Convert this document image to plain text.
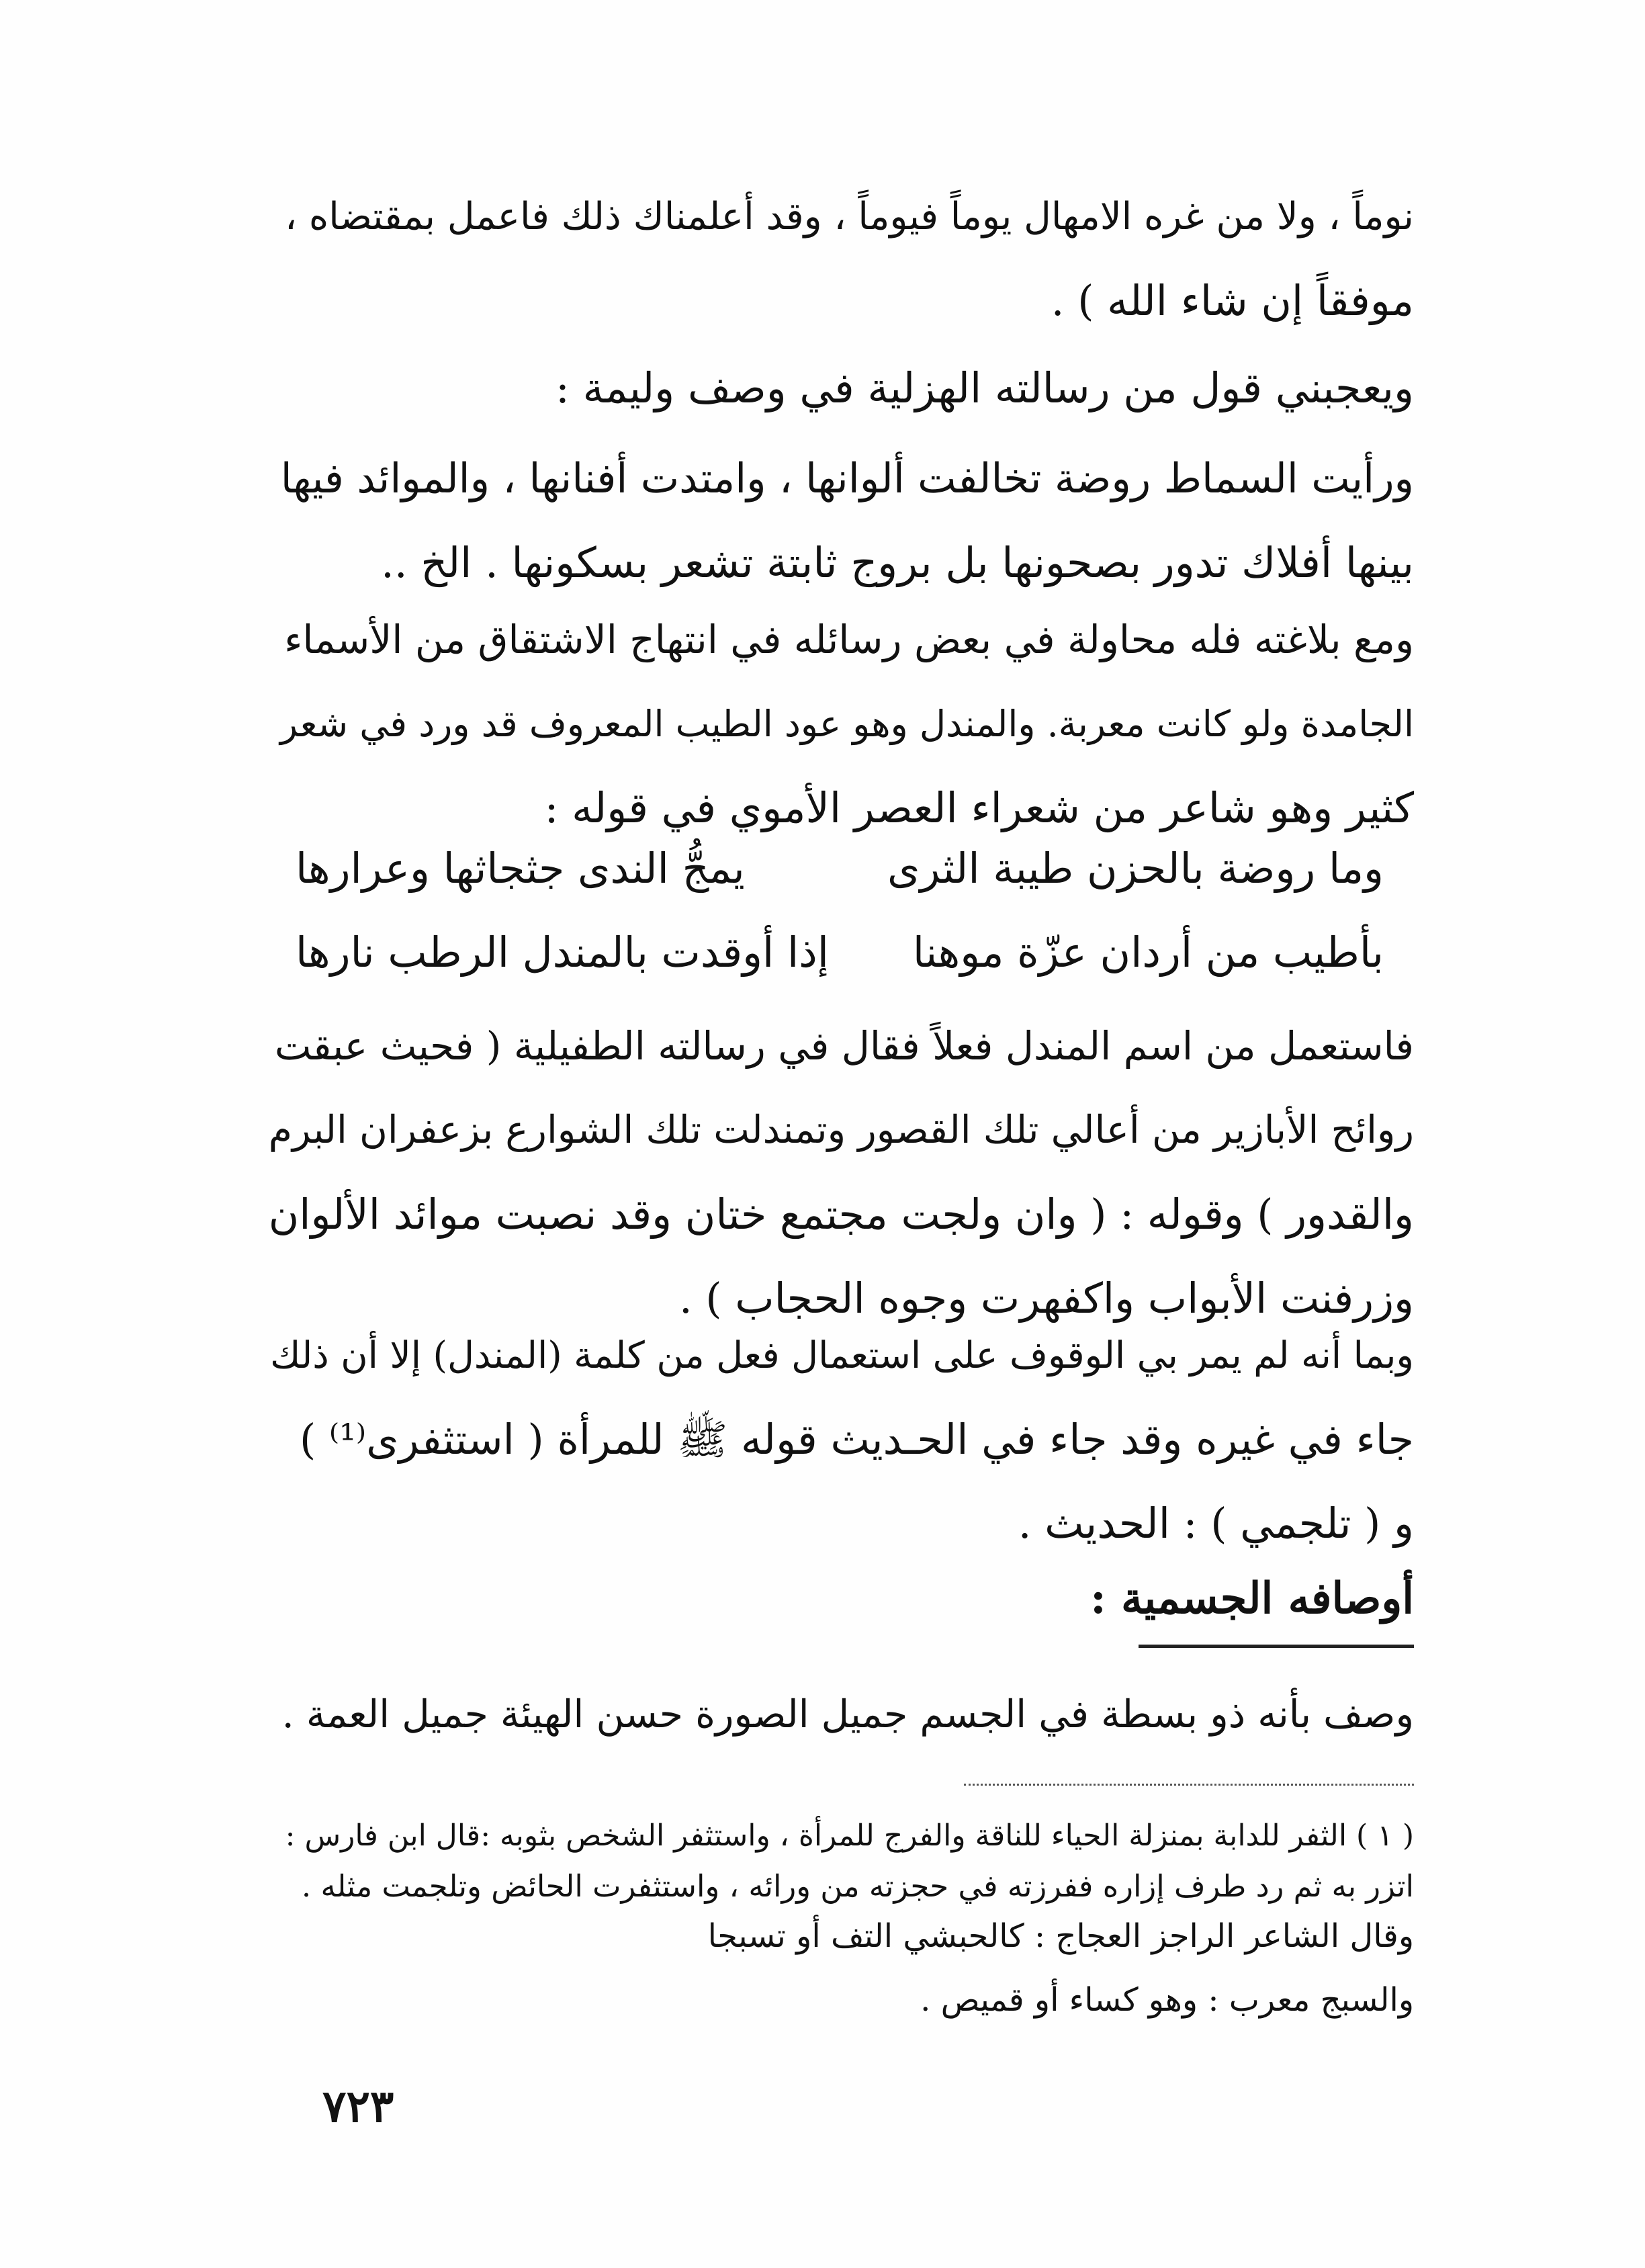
نوماً ، ولا من غره الامهال يوماً فيوماً ، وقد أعلمناك ذلك فاعمل بمقتضاه ،
موفقاً إن شاء الله ) .
ويعجبني قول من رسالته الهزلية في وصف وليمة :
ورأيت السماط روضة تخالفت ألوانها ، وامتدت أفنانها ، والموائد فيها
بينها أفلاك تدور بصحونها بل بروج ثابتة تشعر بسكونها . الخ ..
ومع بلاغته فله محاولة في بعض رسائله في انتهاج الاشتقاق من الأسماء
الجامدة ولو كانت معربة. والمندل وهو عود الطيب المعروف قد ورد في شعر
كثير وهو شاعر من شعراء العصر الأموي في قوله :
وما روضة بالحزن طيبة الثرى
يمجُّ الندى جثجاثها وعرارها
بأطيب من أردان عزّة موهنا
إذا أوقدت بالمندل الرطب نارها
فاستعمل من اسم المندل فعلاً فقال في رسالته الطفيلية ( فحيث عبقت
روائح الأبازير من أعالي تلك القصور وتمندلت تلك الشوارع بزعفران البرم
والقدور ) وقوله : ( وان ولجت مجتمع ختان وقد نصبت موائد الألوان
وزرفنت الأبواب واكفهرت وجوه الحجاب ) .
وبما أنه لم يمر بي الوقوف على استعمال فعل من كلمة (المندل) إلا أن ذلك
جاء في غيره وقد جاء في الحـديث قوله ﷺ للمرأة ( استثفرى⁽¹⁾ )
و ( تلجمي ) : الحديث .
أوصافه الجسمية :
وصف بأنه ذو بسطة في الجسم جميل الصورة حسن الهيئة جميل العمة .
( ١ ) الثفر للدابة بمنزلة الحياء للناقة والفرج للمرأة ، واستثفر الشخص بثوبه :قال ابن فارس :
اتزر به ثم رد طرف إزاره ففرزته في حجزته من ورائه ، واستثفرت الحائض وتلجمت مثله .
وقال الشاعر الراجز العجاج : كالحبشي التف أو تسبجا
والسبج معرب : وهو كساء أو قميص .
٧٢٣
